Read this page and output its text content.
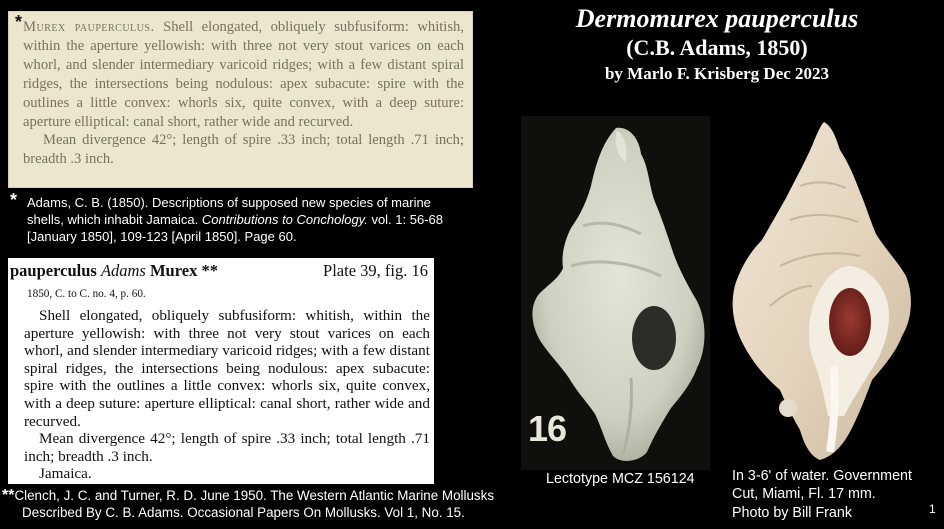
* Murex pauperculus. Shell elongated, obliquely subfusiform: whitish, within the aperture yellowish: with three not very stout varices on each whorl, and slender intermediary varicoid ridges; with a few distant spiral ridges, the intersections being nodulous: apex subacute: spire with the outlines a little convex: whorls six, quite convex, with a deep suture: aperture elliptical: canal short, rather wide and recurved.

Mean divergence 42°; length of spire .33 inch; total length .71 inch; breadth .3 inch.

* Adams, C. B. (1850). Descriptions of supposed new species of marine shells, which inhabit Jamaica. Contributions to Conchology. vol. 1: 56-68 [January 1850], 109-123 [April 1850]. Page 60.
pauperculus Adams Murex **	Plate 39, fig. 16
1850, C. to C. no. 4, p. 60.

Shell elongated, obliquely subfusiform: whitish, within the aperture yellowish: with three not very stout varices on each whorl, and slender intermediary varicoid ridges; with a few distant spiral ridges, the intersections being nodulous: apex subacute: spire with the outlines a little convex: whorls six, quite convex, with a deep suture: aperture elliptical: canal short, rather wide and recurved.

Mean divergence 42°; length of spire .33 inch; total length .71 inch; breadth .3 inch.

Jamaica.

**Clench, J. C. and Turner, R. D. June 1950. The Western Atlantic Marine Mollusks
Described By C. B. Adams. Occasional Papers On Mollusks. Vol 1, No. 15.
Dermomurex pauperculus
(C.B. Adams, 1850)
by Marlo F. Krisberg Dec 2023
16
Lectotype MCZ 156124	In 3-6' of water. Government
Cut, Miami, Fl. 17 mm.
Photo by Bill Frank	1
